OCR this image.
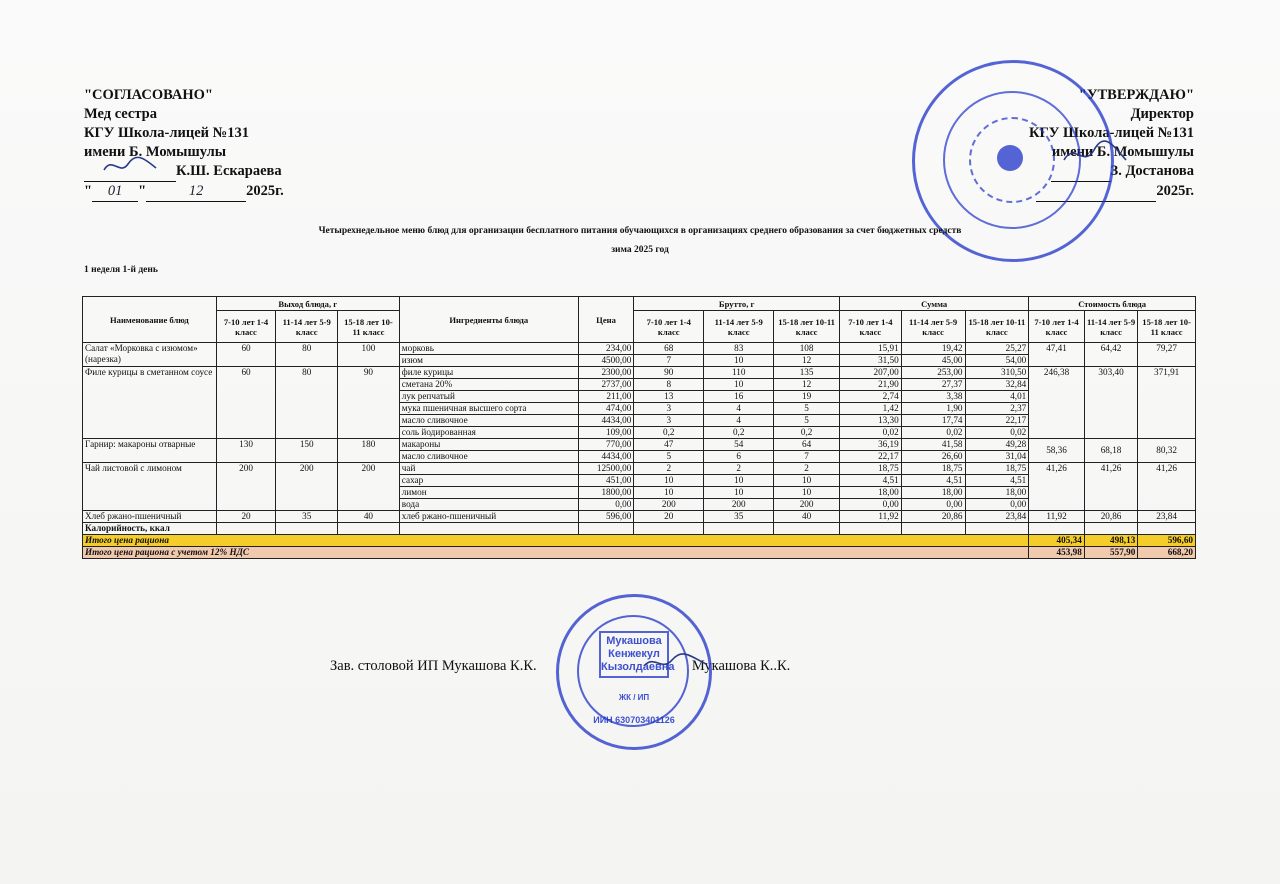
"СОГЛАСОВАНО"
Мед сестра
КГУ Школа-лицей №131
имени Б. Момышулы
К.Ш. Ескараева
" 01 "	12	2025г.
"УТВЕРЖДАЮ"
Директор
КГУ Школа-лицей №131
имени Б. Момышулы
З. Достанова
2025г.
Четырехнедельное меню блюд для организации бесплатного питания обучающихся в организациях среднего образования за счет бюджетных средств
зима 2025 год
1 неделя 1-й день
Наименование блюд	Выход блюда, г			Ингредиенты блюда	Цена	Брутто, г			Сумма			Стоимость блюда		
	7-10 лет 1-4 класс	11-14 лет 5-9 класс	15-18 лет 10-11 класс			7-10 лет 1-4 класс	11-14 лет 5-9 класс	15-18 лет 10-11 класс	7-10 лет 1-4 класс	11-14 лет 5-9 класс	15-18 лет 10-11 класс	7-10 лет 1-4 класс	11-14 лет 5-9 класс	15-18 лет 10-11 класс
Салат «Морковка с изюмом» (нарезка)	60	80	100	морковь	234,00	68	83	108	15,91	19,42	25,27	47,41	64,42	79,27
				изюм	4500,00	7	10	12	31,50	45,00	54,00			
Филе курицы в сметанном соусе	60	80	90	филе курицы	2300,00	90	110	135	207,00	253,00	310,50	246,38	303,40	371,91
				сметана 20%	2737,00	8	10	12	21,90	27,37	32,84			
				лук репчатый	211,00	13	16	19	2,74	3,38	4,01			
				мука пшеничная высшего сорта	474,00	3	4	5	1,42	1,90	2,37			
				масло сливочное	4434,00	3	4	5	13,30	17,74	22,17			
				соль йодированная	109,00	0,2	0,2	0,2	0,02	0,02	0,02			
Гарнир: макароны отварные	130	150	180	макароны	770,00	47	54	64	36,19	41,58	49,28	58,36	68,18	80,32
				масло сливочное	4434,00	5	6	7	22,17	26,60	31,04			
Чай листовой с лимоном	200	200	200	чай	12500,00	2	2	2	18,75	18,75	18,75	41,26	41,26	41,26
				сахар	451,00	10	10	10	4,51	4,51	4,51			
				лимон	1800,00	10	10	10	18,00	18,00	18,00			
				вода	0,00	200	200	200	0,00	0,00	0,00			
Хлеб ржано-пшеничный	20	35	40	хлеб ржано-пшеничный	596,00	20	35	40	11,92	20,86	23,84	11,92	20,86	23,84
Калорийность, ккал														
Итого цена рациона												405,34	498,13	596,60
Итого цена рациона с учетом 12% НДС												453,98	557,90	668,20
Зав. столовой ИП Мукашова К.К.	Мукашова К..К.
Мукашова
Кенжекул
Кызолдаевна
ЖК / ИП
ИИН 630703401126
